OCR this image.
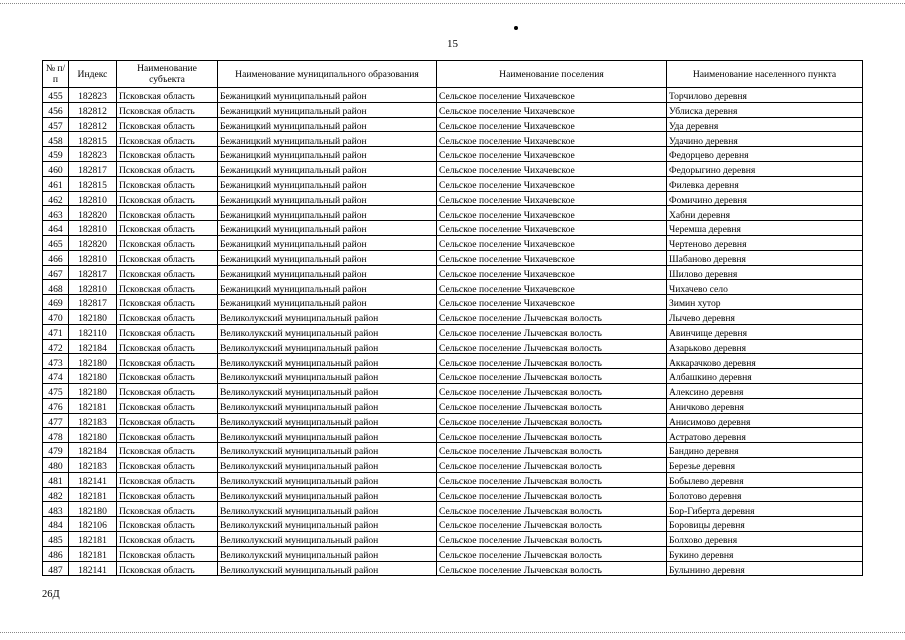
15
№ п/п	Индекс	Наименование субъекта	Наименование муниципального образования	Наименование поселения	Наименование населенного пункта
455	182823	Псковская область	Бежаницкий муниципальный район	Сельское поселение Чихачевское	Торчилово деревня
456	182812	Псковская область	Бежаницкий муниципальный район	Сельское поселение Чихачевское	Ублиска деревня
457	182812	Псковская область	Бежаницкий муниципальный район	Сельское поселение Чихачевское	Уда деревня
458	182815	Псковская область	Бежаницкий муниципальный район	Сельское поселение Чихачевское	Удачино деревня
459	182823	Псковская область	Бежаницкий муниципальный район	Сельское поселение Чихачевское	Федорцево деревня
460	182817	Псковская область	Бежаницкий муниципальный район	Сельское поселение Чихачевское	Федорыгино деревня
461	182815	Псковская область	Бежаницкий муниципальный район	Сельское поселение Чихачевское	Филевка деревня
462	182810	Псковская область	Бежаницкий муниципальный район	Сельское поселение Чихачевское	Фомичино деревня
463	182820	Псковская область	Бежаницкий муниципальный район	Сельское поселение Чихачевское	Хабни деревня
464	182810	Псковская область	Бежаницкий муниципальный район	Сельское поселение Чихачевское	Черемша деревня
465	182820	Псковская область	Бежаницкий муниципальный район	Сельское поселение Чихачевское	Чертеново деревня
466	182810	Псковская область	Бежаницкий муниципальный район	Сельское поселение Чихачевское	Шабаново деревня
467	182817	Псковская область	Бежаницкий муниципальный район	Сельское поселение Чихачевское	Шилово деревня
468	182810	Псковская область	Бежаницкий муниципальный район	Сельское поселение Чихачевское	Чихачево село
469	182817	Псковская область	Бежаницкий муниципальный район	Сельское поселение Чихачевское	Зимин хутор
470	182180	Псковская область	Великолукский муниципальный район	Сельское поселение Лычевская волость	Лычево деревня
471	182110	Псковская область	Великолукский муниципальный район	Сельское поселение Лычевская волость	Авинчище деревня
472	182184	Псковская область	Великолукский муниципальный район	Сельское поселение Лычевская волость	Азарьково деревня
473	182180	Псковская область	Великолукский муниципальный район	Сельское поселение Лычевская волость	Аккарачково деревня
474	182180	Псковская область	Великолукский муниципальный район	Сельское поселение Лычевская волость	Албашкино деревня
475	182180	Псковская область	Великолукский муниципальный район	Сельское поселение Лычевская волость	Алексино деревня
476	182181	Псковская область	Великолукский муниципальный район	Сельское поселение Лычевская волость	Аничково деревня
477	182183	Псковская область	Великолукский муниципальный район	Сельское поселение Лычевская волость	Анисимово деревня
478	182180	Псковская область	Великолукский муниципальный район	Сельское поселение Лычевская волость	Астратово деревня
479	182184	Псковская область	Великолукский муниципальный район	Сельское поселение Лычевская волость	Бандино деревня
480	182183	Псковская область	Великолукский муниципальный район	Сельское поселение Лычевская волость	Березье деревня
481	182141	Псковская область	Великолукский муниципальный район	Сельское поселение Лычевская волость	Бобылево деревня
482	182181	Псковская область	Великолукский муниципальный район	Сельское поселение Лычевская волость	Болотово деревня
483	182180	Псковская область	Великолукский муниципальный район	Сельское поселение Лычевская волость	Бор-Гиберта деревня
484	182106	Псковская область	Великолукский муниципальный район	Сельское поселение Лычевская волость	Боровицы деревня
485	182181	Псковская область	Великолукский муниципальный район	Сельское поселение Лычевская волость	Болхово деревня
486	182181	Псковская область	Великолукский муниципальный район	Сельское поселение Лычевская волость	Букино деревня
487	182141	Псковская область	Великолукский муниципальный район	Сельское поселение Лычевская волость	Булынино деревня
26Д
